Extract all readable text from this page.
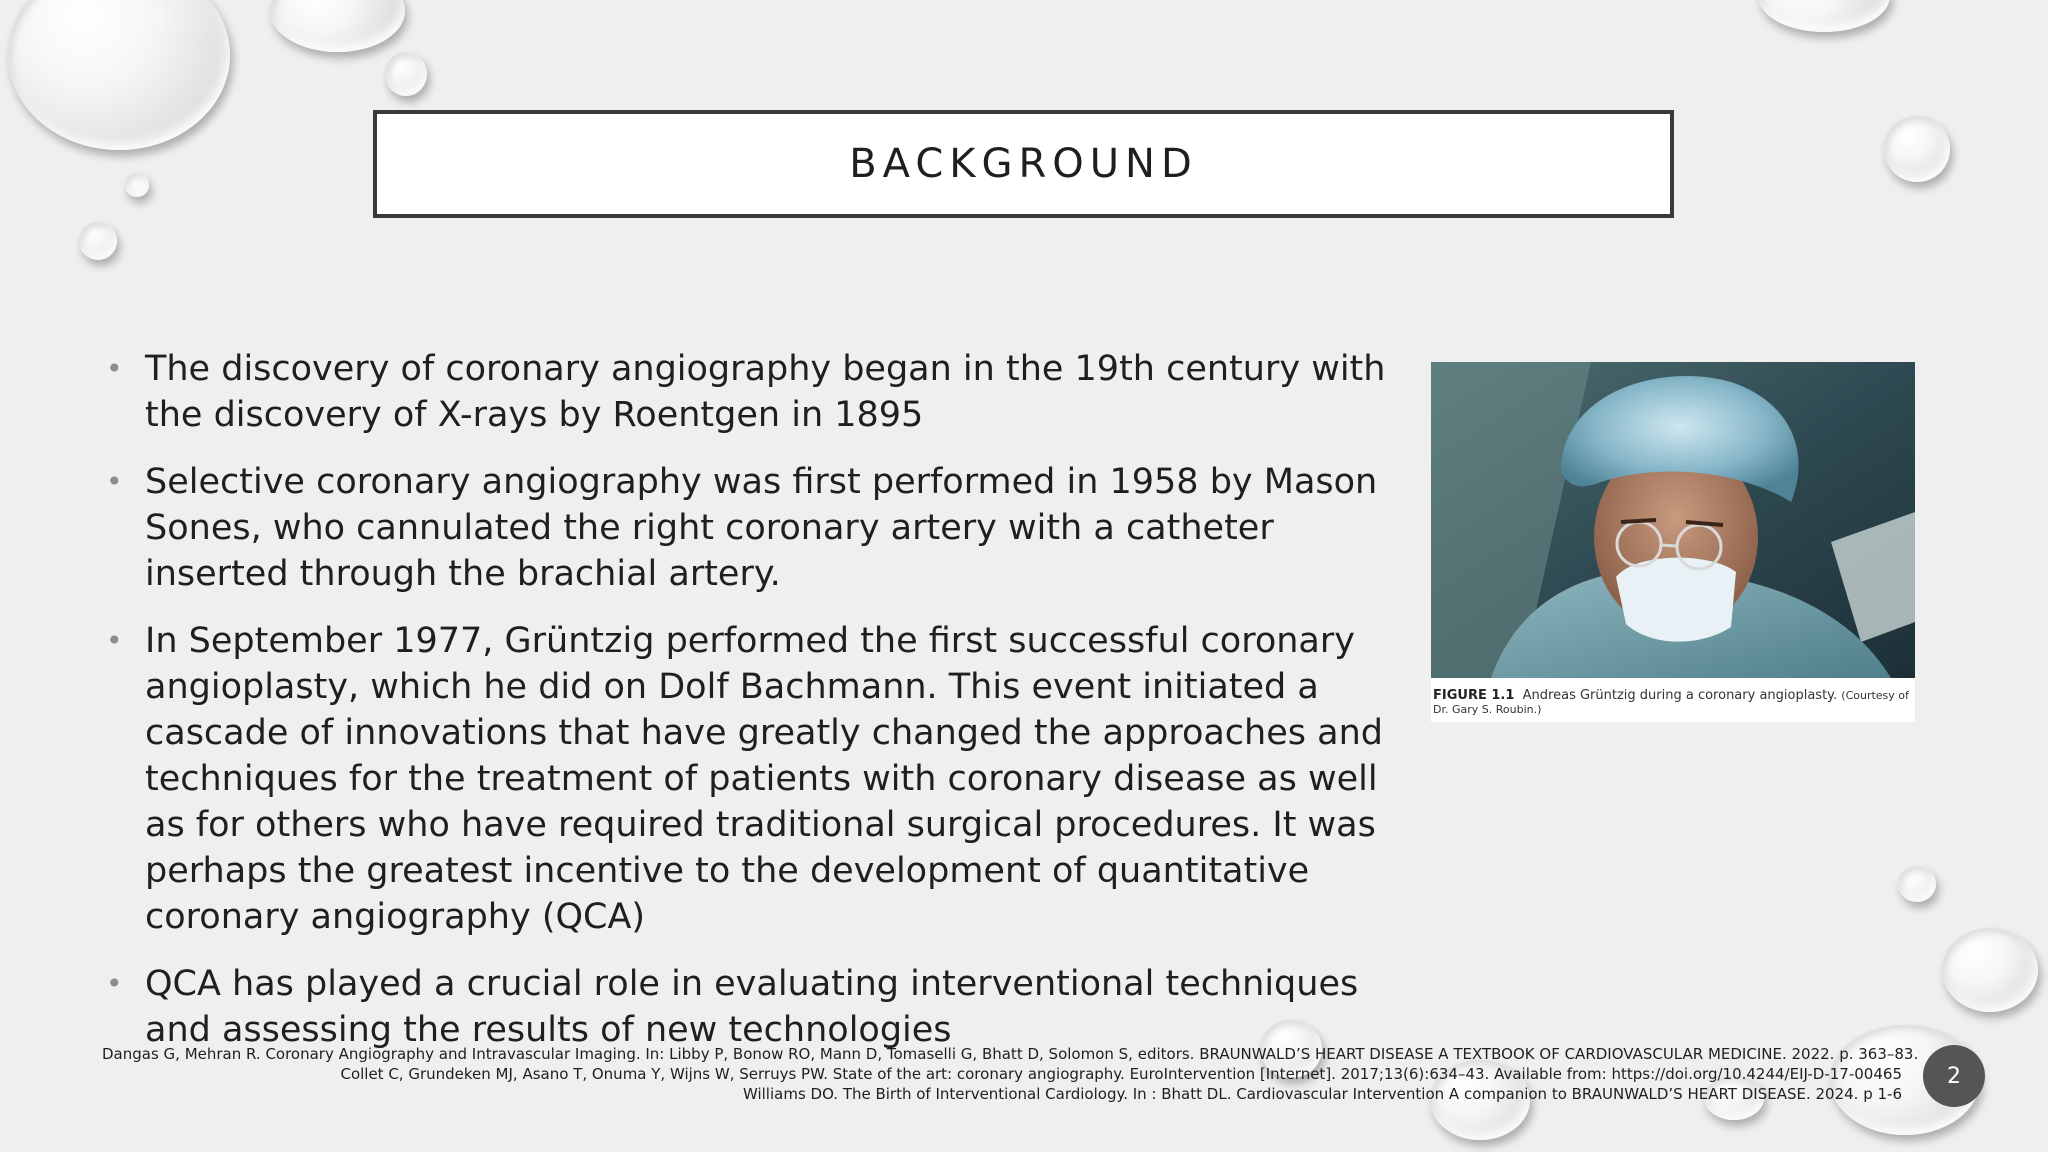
BACKGROUND
• The discovery of coronary angiography began in the 19th century with the discovery of X-rays by Roentgen in 1895
• Selective coronary angiography was first performed in 1958 by Mason Sones, who cannulated the right coronary artery with a catheter inserted through the brachial artery.
• In September 1977, Grüntzig performed the first successful coronary angioplasty, which he did on Dolf Bachmann. This event initiated a cascade of innovations that have greatly changed the approaches and techniques for the treatment of patients with coronary disease as well as for others who have required traditional surgical procedures. It was perhaps the greatest incentive to the development of quantitative coronary angiography (QCA)
• QCA has played a crucial role in evaluating interventional techniques and assessing the results of new technologies
FIGURE 1.1 Andreas Grüntzig during a coronary angioplasty. (Courtesy of Dr. Gary S. Roubin.)
Dangas G, Mehran R. Coronary Angiography and Intravascular Imaging. In: Libby P, Bonow RO, Mann D, Tomaselli G, Bhatt D, Solomon S, editors. BRAUNWALD’S HEART DISEASE A TEXTBOOK OF CARDIOVASCULAR MEDICINE. 2022. p. 363–83.
Collet C, Grundeken MJ, Asano T, Onuma Y, Wijns W, Serruys PW. State of the art: coronary angiography. EuroIntervention [Internet]. 2017;13(6):634–43. Available from: https://doi.org/10.4244/EIJ-D-17-00465
Williams DO. The Birth of Interventional Cardiology. In : Bhatt DL. Cardiovascular Intervention A companion to BRAUNWALD’S HEART DISEASE. 2024. p 1-6
2
